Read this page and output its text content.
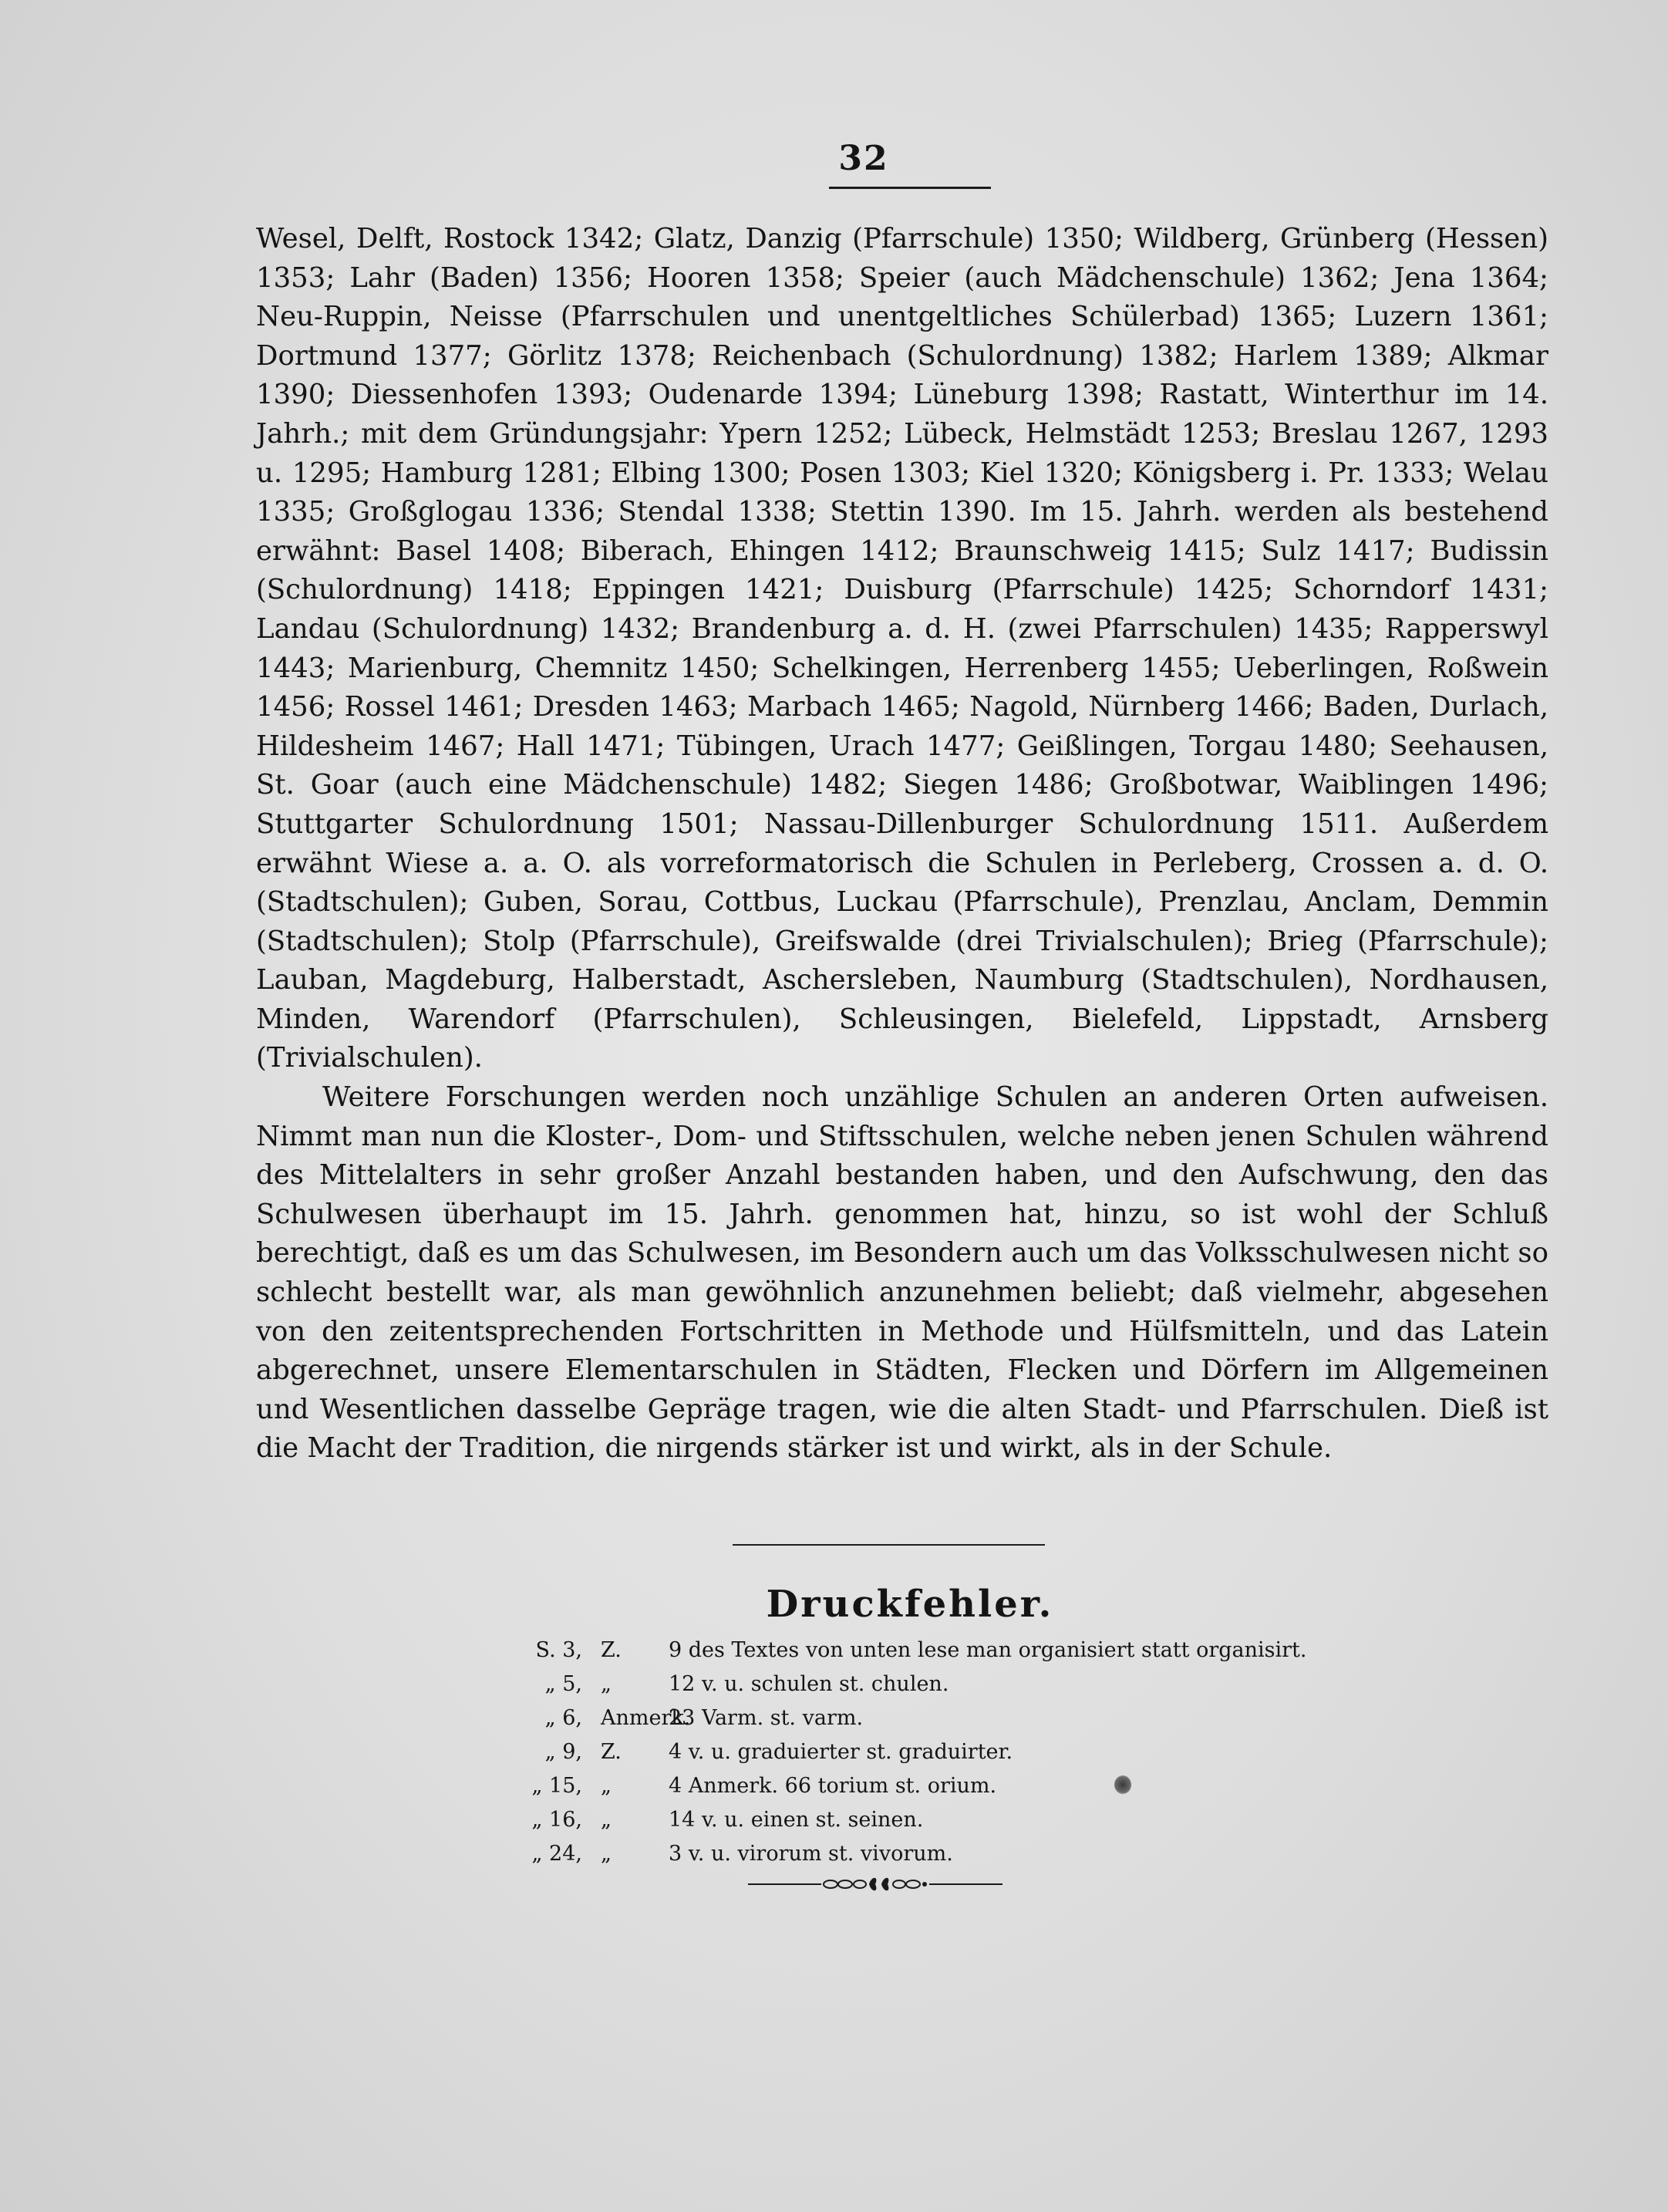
32

Wesel, Delft, Rostock 1342; Glatz, Danzig (Pfarrschule) 1350; Wildberg, Grünberg (Hessen) 1353; Lahr (Baden) 1356; Hooren 1358; Speier (auch Mädchenschule) 1362; Jena 1364; Neu-Ruppin, Neisse (Pfarrschulen und unentgeltliches Schülerbad) 1365; Luzern 1361; Dortmund 1377; Görlitz 1378; Reichenbach (Schulordnung) 1382; Harlem 1389; Alkmar 1390; Diessenhofen 1393; Oudenarde 1394; Lüneburg 1398; Rastatt, Winterthur im 14. Jahrh.; mit dem Gründungsjahr: Ypern 1252; Lübeck, Helmstädt 1253; Breslau 1267, 1293 u. 1295; Hamburg 1281; Elbing 1300; Posen 1303; Kiel 1320; Königsberg i. Pr. 1333; Welau 1335; Großglogau 1336; Stendal 1338; Stettin 1390. Im 15. Jahrh. werden als bestehend erwähnt: Basel 1408; Biberach, Ehingen 1412; Braunschweig 1415; Sulz 1417; Budissin (Schulordnung) 1418; Eppingen 1421; Duisburg (Pfarrschule) 1425; Schorndorf 1431; Landau (Schulordnung) 1432; Brandenburg a. d. H. (zwei Pfarrschulen) 1435; Rapperswyl 1443; Marienburg, Chemnitz 1450; Schelkingen, Herrenberg 1455; Ueberlingen, Roßwein 1456; Rossel 1461; Dresden 1463; Marbach 1465; Nagold, Nürnberg 1466; Baden, Durlach, Hildesheim 1467; Hall 1471; Tübingen, Urach 1477; Geißlingen, Torgau 1480; Seehausen, St. Goar (auch eine Mädchenschule) 1482; Siegen 1486; Großbotwar, Waiblingen 1496; Stuttgarter Schulordnung 1501; Nassau-Dillenburger Schulordnung 1511. Außerdem erwähnt Wiese a. a. O. als vorreformatorisch die Schulen in Perleberg, Crossen a. d. O. (Stadtschulen); Guben, Sorau, Cottbus, Luckau (Pfarrschule), Prenzlau, Anclam, Demmin (Stadtschulen); Stolp (Pfarrschule), Greifswalde (drei Trivialschulen); Brieg (Pfarrschule); Lauban, Magdeburg, Halberstadt, Aschersleben, Naumburg (Stadtschulen), Nordhausen, Minden, Warendorf (Pfarrschulen), Schleusingen, Bielefeld, Lippstadt, Arnsberg (Trivialschulen).

Weitere Forschungen werden noch unzählige Schulen an anderen Orten aufweisen. Nimmt man nun die Kloster-, Dom- und Stiftsschulen, welche neben jenen Schulen während des Mittelalters in sehr großer Anzahl bestanden haben, und den Aufschwung, den das Schulwesen überhaupt im 15. Jahrh. genommen hat, hinzu, so ist wohl der Schluß berechtigt, daß es um das Schulwesen, im Besondern auch um das Volksschulwesen nicht so schlecht bestellt war, als man gewöhnlich anzunehmen beliebt; daß vielmehr, abgesehen von den zeitentsprechenden Fortschritten in Methode und Hülfsmitteln, und das Latein abgerechnet, unsere Elementarschulen in Städten, Flecken und Dörfern im Allgemeinen und Wesentlichen dasselbe Gepräge tragen, wie die alten Stadt- und Pfarrschulen. Dieß ist die Macht der Tradition, die nirgends stärker ist und wirkt, als in der Schule.

Druckfehler.
S. 3, Z. 9 des Textes von unten lese man organisiert statt organisirt.
„ 5, „	12 v. u. schulen st. chulen.
„ 6, Anmerk.23 Varm. st. varm.
„ 9, Z. 4 v. u. graduierter st. graduirter.
„ 15, „	4 Anmerk. 66 torium st. orium.
„ 16, „	14 v. u. einen st. seinen.
„ 24, „	3 v. u. virorum st. vivorum.
